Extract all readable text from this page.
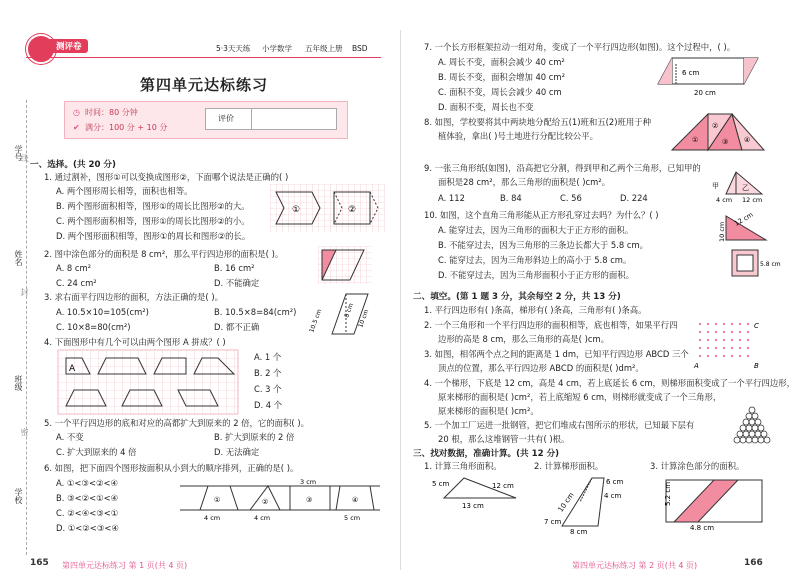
测评卷	5·3天天练 小学数学 五年级上册 BSD
第四单元达标练习
◷ 时间：80 分钟
✔ 满分：100 分 + 10 分
评价
学号
线
姓名
封
班级
密
学校
一、选择。(共 20 分)
1. 通过割补，图形①可以变换成图形②，下面哪个说法是正确的( )
A. 两个图形周长相等，面积也相等。
B. 两个图形面积相等，图形①的周长比图形②的大。
C. 两个图形面积相等，图形①的周长比图形②的小。
D. 两个图形面积相等，图形①的周长和图形②的长。
①	②
2. 图中涂色部分的面积是 8 cm²，那么平行四边形的面积是( )。
A. 8 cm²	B. 16 cm²
C. 24 cm²	D. 不能确定
3. 求右面平行四边形的面积，方法正确的是( )。
A. 10.5×10=105(cm²)	B. 10.5×8=84(cm²)
C. 10×8=80(cm²)	D. 都不正确	10.5 cm	8 cm 10 cm
4. 下面图形中有几个可以由两个图形 A 拼成？( )
A
A. 1 个
B. 2 个
C. 3 个
D. 4 个
5. 一个平行四边形的底和对应的高都扩大到原来的 2 倍，它的面积( )。
A. 不变	B. 扩大到原来的 2 倍
C. 扩大到原来的 4 倍	D. 无法确定
6. 如图，把下面四个图形按面积从小到大的顺序排列，正确的是( )。
A. ①<③<②<④
B. ③<②<①<④
C. ②<④<③<①
D. ①<②<③<④
①	②	③	④
4 cm	4 cm
3 cm
5 cm
165 第四单元达标练习 第 1 页(共 4 页)
7. 一个长方形框架拉动一组对角，变成了一个平行四边形(如图)。这个过程中，( )。
A. 周长不变，面积会减少 40 cm²
B. 周长不变，面积会增加 40 cm²
C. 面积不变，周长会减少 40 cm
D. 面积不变，周长也不变
6 cm
20 cm
8. 如图，学校要将其中两块地分配给五(1)班和五(2)班用于种
植体验，拿出( )号土地进行分配比较公平。	①
②
③ ④
9. 一张三角形纸(如图)，沿高把它分割，得到甲和乙两个三角形，已知甲的
面积是28 cm²，那么三角形的面积是( )cm²。
A. 112	B. 84	C. 56	D. 224
甲	乙
4 cm 12 cm
10. 如图，这个直角三角形能从正方形孔穿过去吗？为什么？( )
A. 能穿过去，因为三角形的面积大于正方形的面积。
B. 不能穿过去，因为三角形的三条边长都大于 5.8 cm。
C. 能穿过去，因为三角形斜边上的高小于 5.8 cm。
D. 不能穿过去，因为三角形面积小于正方形的面积。
12 cm
10 cm
5.8 cm
二、填空。(第 1 题 3 分，其余每空 2 分，共 13 分)
1. 平行四边形有( )条高，梯形有( )条高，三角形有( )条高。
2. 一个三角形和一个平行四边形的面积相等，底也相等，如果平行四
边形的高是 8 cm，那么三角形的高是( )cm。
3. 如图，相邻两个点之间的距离是 1 dm，已知平行四边形 ABCD 三个
顶点的位置，那么平行四边形 ABCD 的面积是( )dm²。	A	B
C
4. 一个梯形，下底是 12 cm，高是 4 cm，若上底延长 6 cm，则梯形面积变成了一个平行四边形，
原来梯形的面积是( )cm²，若上底缩短 6 cm，则梯形就变成了一个三角形，
原来梯形的面积是( )cm²。
5. 一个加工厂运进一批钢管，把它们堆成右图所示的形状，已知最下层有
20 根，那么这堆钢管一共有( )根。
三、找对数据，准确计算。(共 12 分)
1. 计算三角形面积。	2. 计算梯形面积。	3. 计算涂色部分的面积。
5 cm
13 cm
12 cm
10 cm	4 cm
6 cm
8 cm
7 cm
5.2 cm
4.8 cm
第四单元达标练习 第 2 页(共 4 页)	166
